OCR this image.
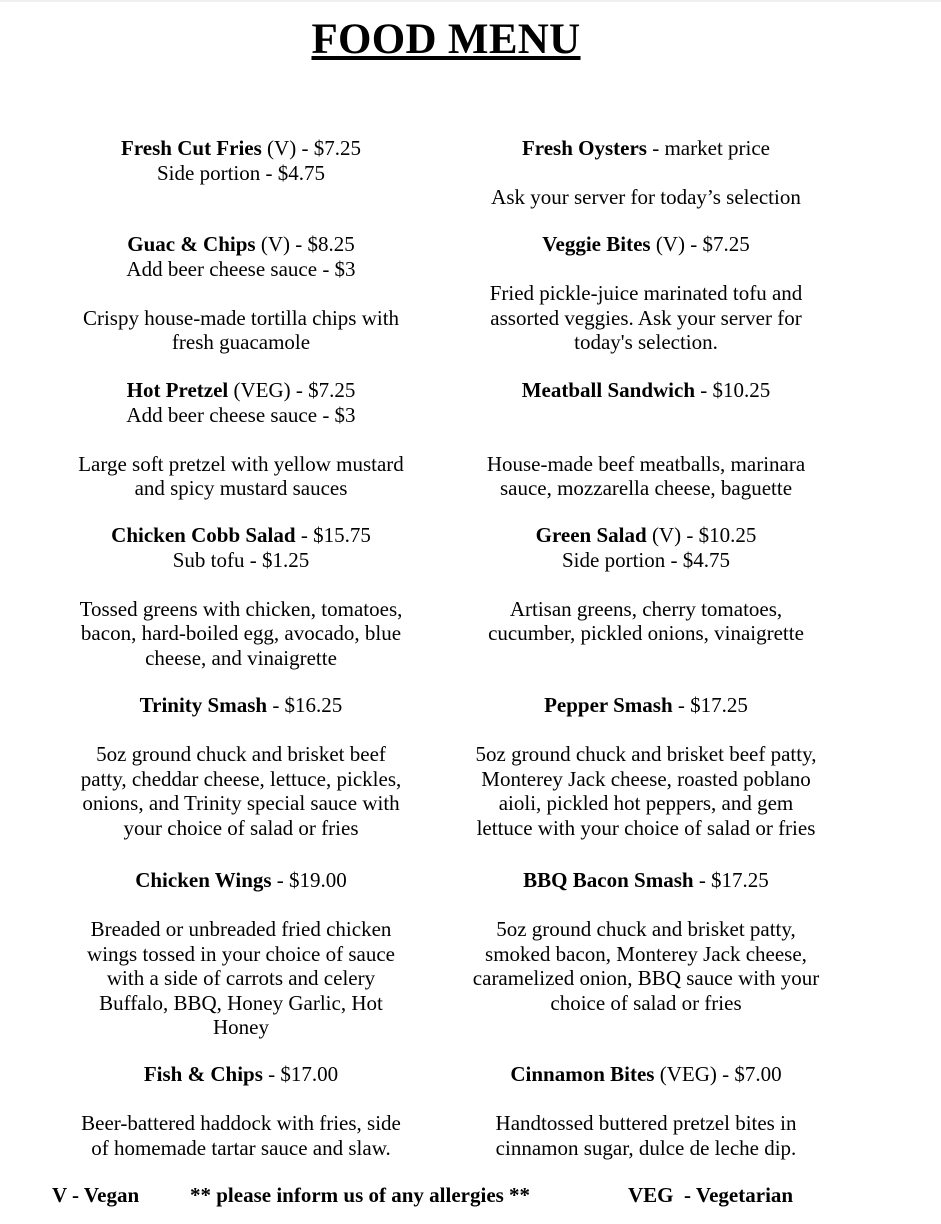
FOOD MENU
Fresh Cut Fries (V) - $7.25
Side portion - $4.75
Fresh Oysters - market price
Ask your server for today’s selection
Guac & Chips (V) - $8.25
Add beer cheese sauce - $3
Crispy house-made tortilla chips with
fresh guacamole
Veggie Bites (V) - $7.25
Fried pickle-juice marinated tofu and
assorted veggies. Ask your server for
today's selection.
Hot Pretzel (VEG) - $7.25
Add beer cheese sauce - $3
Large soft pretzel with yellow mustard
and spicy mustard sauces
Meatball Sandwich - $10.25
House-made beef meatballs, marinara
sauce, mozzarella cheese, baguette
Chicken Cobb Salad - $15.75
Sub tofu - $1.25
Tossed greens with chicken, tomatoes,
bacon, hard-boiled egg, avocado, blue
cheese, and vinaigrette
Green Salad (V) - $10.25
Side portion - $4.75
Artisan greens, cherry tomatoes,
cucumber, pickled onions, vinaigrette
Trinity Smash - $16.25
5oz ground chuck and brisket beef
patty, cheddar cheese, lettuce, pickles,
onions, and Trinity special sauce with
your choice of salad or fries
Pepper Smash - $17.25
5oz ground chuck and brisket beef patty,
Monterey Jack cheese, roasted poblano
aioli, pickled hot peppers, and gem
lettuce with your choice of salad or fries
Chicken Wings - $19.00
Breaded or unbreaded fried chicken
wings tossed in your choice of sauce
with a side of carrots and celery
Buffalo, BBQ, Honey Garlic, Hot
Honey
BBQ Bacon Smash - $17.25
5oz ground chuck and brisket patty,
smoked bacon, Monterey Jack cheese,
caramelized onion, BBQ sauce with your
choice of salad or fries
Fish & Chips - $17.00
Beer-battered haddock with fries, side
of homemade tartar sauce and slaw.
Cinnamon Bites (VEG) - $7.00
Handtossed buttered pretzel bites in
cinnamon sugar, dulce de leche dip.
V - Vegan ** please inform us of any allergies **	VEG  - Vegetarian
